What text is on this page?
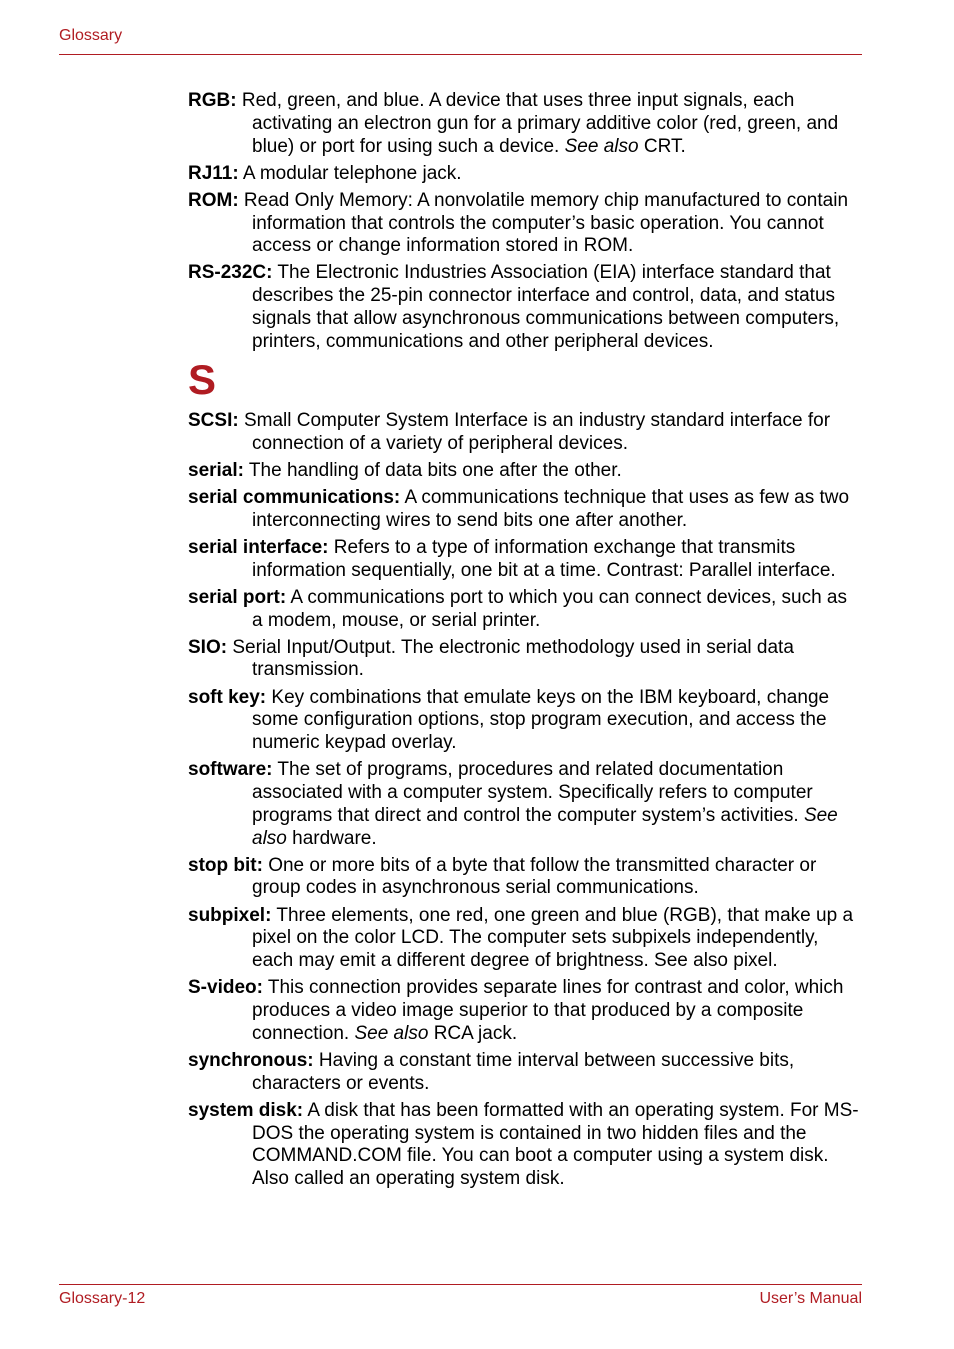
Glossary

RGB: Red, green, and blue. A device that uses three input signals, each activating an electron gun for a primary additive color (red, green, and blue) or port for using such a device. See also CRT.

RJ11: A modular telephone jack.

ROM: Read Only Memory: A nonvolatile memory chip manufactured to contain information that controls the computer’s basic operation. You cannot access or change information stored in ROM.

RS-232C: The Electronic Industries Association (EIA) interface standard that describes the 25-pin connector interface and control, data, and status signals that allow asynchronous communications between computers, printers, communications and other peripheral devices.

S

SCSI: Small Computer System Interface is an industry standard interface for connection of a variety of peripheral devices.

serial: The handling of data bits one after the other.

serial communications: A communications technique that uses as few as two interconnecting wires to send bits one after another.

serial interface: Refers to a type of information exchange that transmits information sequentially, one bit at a time. Contrast: Parallel interface.

serial port: A communications port to which you can connect devices, such as a modem, mouse, or serial printer.

SIO: Serial Input/Output. The electronic methodology used in serial data transmission.

soft key: Key combinations that emulate keys on the IBM keyboard, change some configuration options, stop program execution, and access the numeric keypad overlay.

software: The set of programs, procedures and related documentation associated with a computer system. Specifically refers to computer programs that direct and control the computer system’s activities. See also hardware.

stop bit: One or more bits of a byte that follow the transmitted character or group codes in asynchronous serial communications.

subpixel: Three elements, one red, one green and blue (RGB), that make up a pixel on the color LCD. The computer sets subpixels independently, each may emit a different degree of brightness. See also pixel.

S-video: This connection provides separate lines for contrast and color, which produces a video image superior to that produced by a composite connection. See also RCA jack.

synchronous: Having a constant time interval between successive bits, characters or events.

system disk: A disk that has been formatted with an operating system. For MS-DOS the operating system is contained in two hidden files and the COMMAND.COM file. You can boot a computer using a system disk. Also called an operating system disk.

Glossary-12	User’s Manual
